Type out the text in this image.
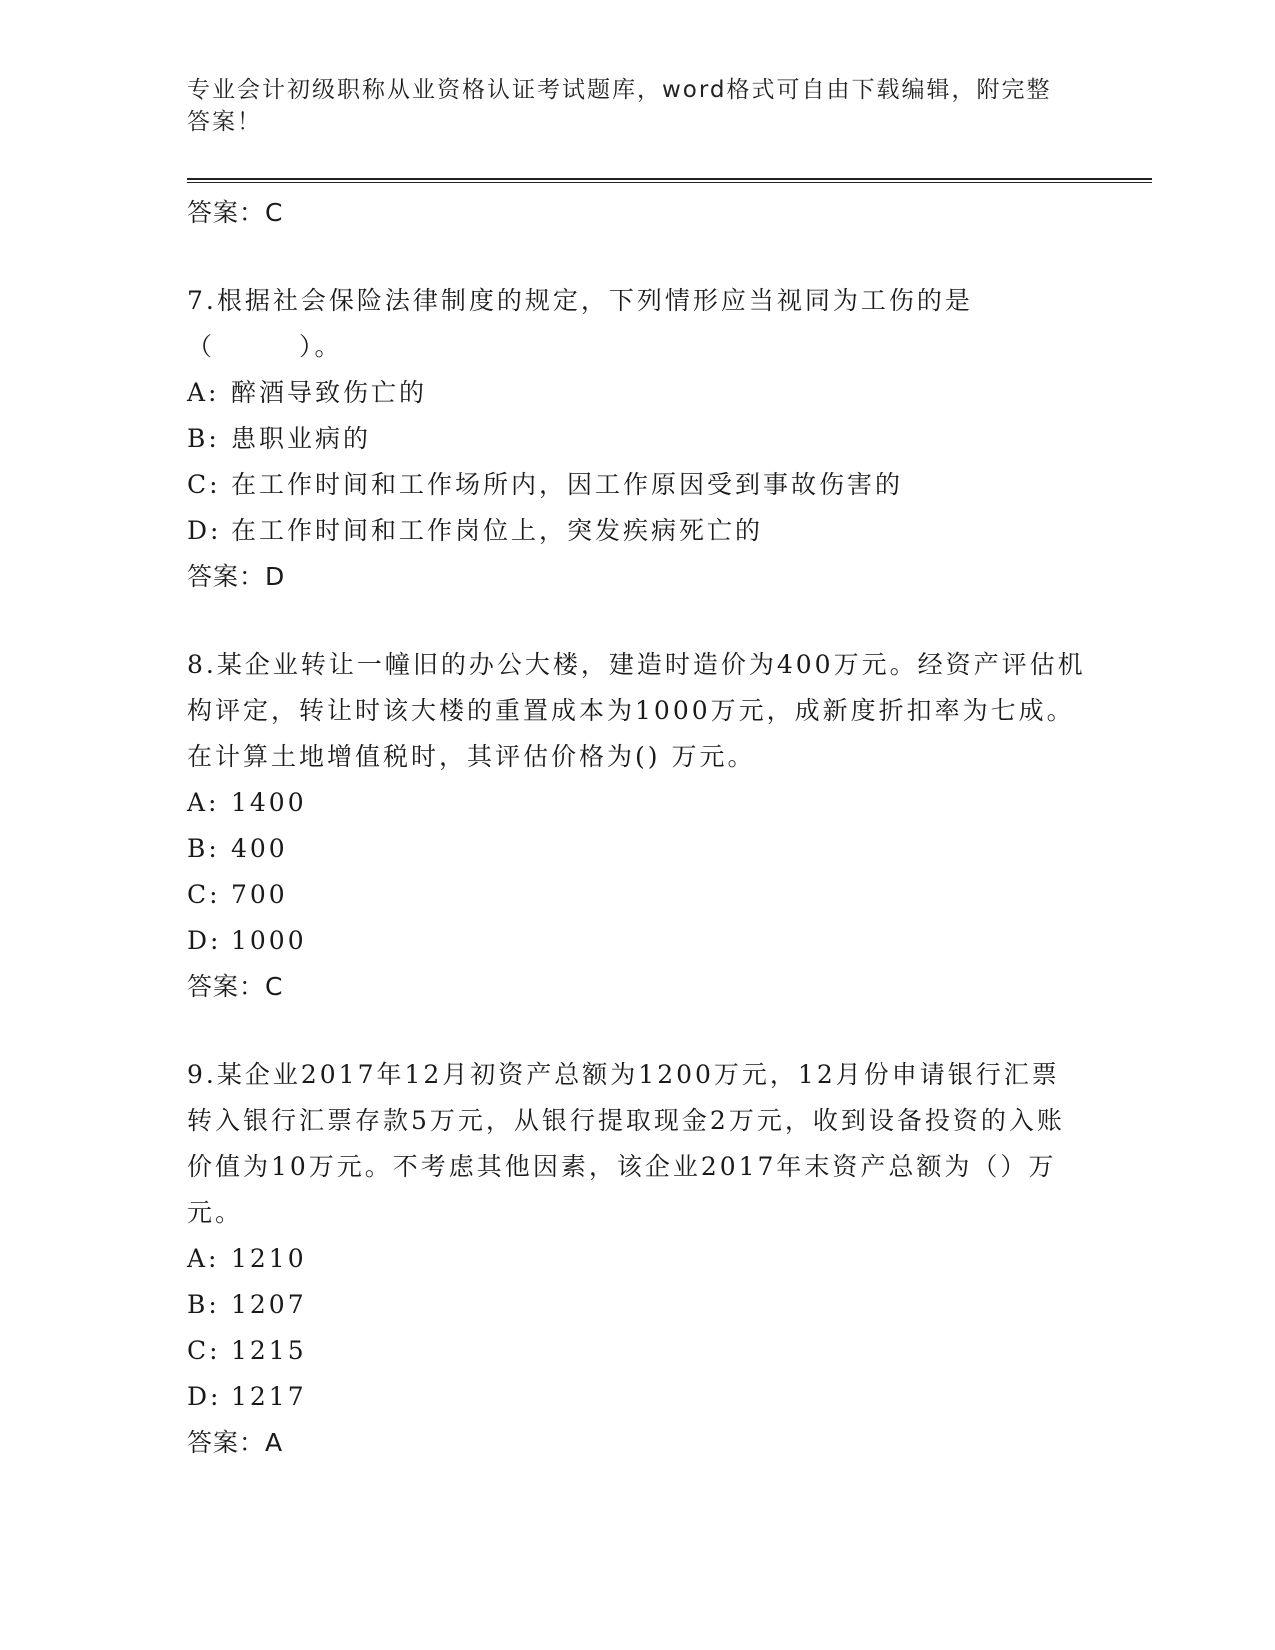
专业会计初级职称从业资格认证考试题库，word格式可自由下载编辑，附完整答案！
答案：C
7.根据社会保险法律制度的规定，下列情形应当视同为工伤的是（　　　）。
A: 醉酒导致伤亡的
B: 患职业病的
C: 在工作时间和工作场所内，因工作原因受到事故伤害的
D: 在工作时间和工作岗位上，突发疾病死亡的
答案：D
8.某企业转让一幢旧的办公大楼，建造时造价为400万元。经资产评估机构评定，转让时该大楼的重置成本为1000万元，成新度折扣率为七成。在计算土地增值税时，其评估价格为() 万元。
A: 1400
B: 400
C: 700
D: 1000
答案：C
9.某企业2017年12月初资产总额为1200万元，12月份申请银行汇票转入银行汇票存款5万元，从银行提取现金2万元，收到设备投资的入账价值为10万元。不考虑其他因素，该企业2017年末资产总额为（）万元。
A: 1210
B: 1207
C: 1215
D: 1217
答案：A
